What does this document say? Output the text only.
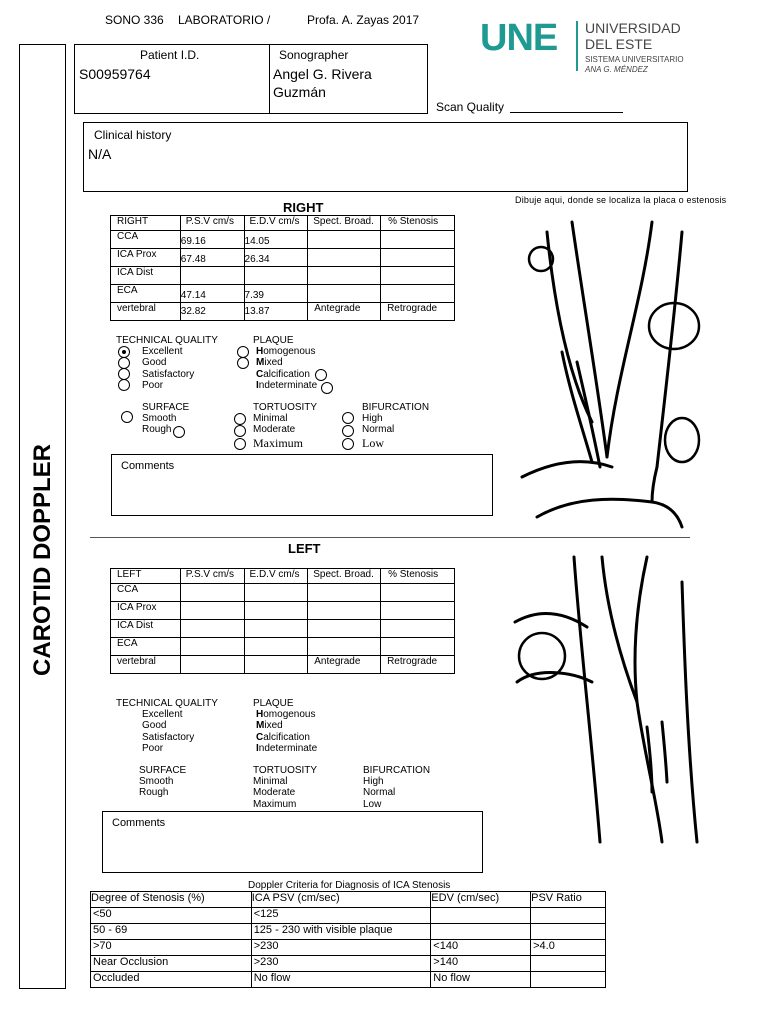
SONO 336 LABORATORIO /	Profa. A. Zayas 2017 UNE UNIVERSIDAD
DEL ESTE
SISTEMA UNIVERSITARIO
ANA G. MÉNDEZ
CAROTID DOPPLER
Patient I.D.
S00959764
Sonographer
Angel G. Rivera
Guzmán
Scan Quality
Clinical history
N/A
Dibuje aqui, donde se localiza la placa o estenosis
RIGHT
RIGHT	P.S.V cm/s	E.D.V cm/s	Spect. Broad.	% Stenosis
CCA	69.16	14.05		
ICA Prox	67.48	26.34		
ICA Dist				
ECA	47.14	7.39		
vertebral	32.82	13.87	Antegrade	Retrograde
TECHNICAL QUALITY
Excellent
Good
Satisfactory
Poor
PLAQUE
Homogenous
Mixed
Calcification
Indeterminate
SURFACE
Smooth
Rough
TORTUOSITY
Minimal
Moderate
Maximum
BIFURCATION
High
Normal
Low
Comments
LEFT
LEFT	P.S.V cm/s	E.D.V cm/s	Spect. Broad.	% Stenosis
CCA				
ICA Prox				
ICA Dist				
ECA				
vertebral			Antegrade	Retrograde
TECHNICAL QUALITY
Excellent
Good
Satisfactory
Poor
PLAQUE
Homogenous
Mixed
Calcification
Indeterminate
SURFACE
Smooth
Rough
TORTUOSITY
Minimal
Moderate
Maximum
BIFURCATION
High
Normal
Low
Comments
Doppler Criteria for Diagnosis of ICA Stenosis
Degree of Stenosis (%)	ICA PSV (cm/sec)	EDV (cm/sec)	PSV Ratio
<50	<125		
50 - 69	125 - 230 with visible plaque		
>70	>230	<140	>4.0
Near Occlusion	>230	>140	
Occluded	No flow	No flow	
